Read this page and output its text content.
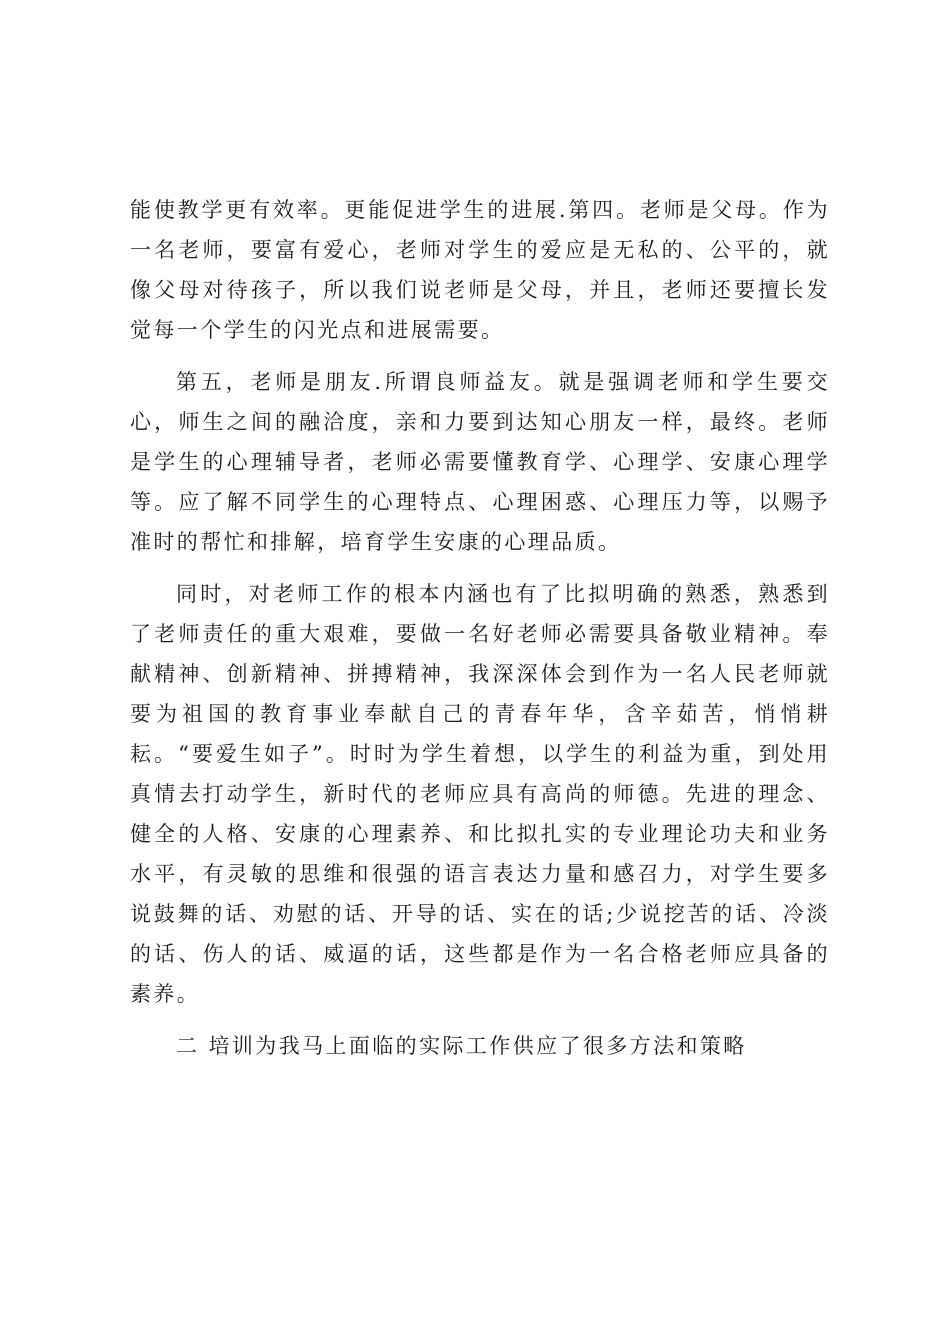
能使教学更有效率。更能促进学生的进展.第四。老师是父母。作为一名老师，要富有爱心，老师对学生的爱应是无私的、公平的，就像父母对待孩子，所以我们说老师是父母，并且，老师还要擅长发觉每一个学生的闪光点和进展需要。

第五，老师是朋友.所谓良师益友。就是强调老师和学生要交心，师生之间的融洽度，亲和力要到达知心朋友一样，最终。老师是学生的心理辅导者，老师必需要懂教育学、心理学、安康心理学等。应了解不同学生的心理特点、心理困惑、心理压力等，以赐予准时的帮忙和排解，培育学生安康的心理品质。

同时，对老师工作的根本内涵也有了比拟明确的熟悉，熟悉到了老师责任的重大艰难，要做一名好老师必需要具备敬业精神。奉献精神、创新精神、拼搏精神，我深深体会到作为一名人民老师就要为祖国的教育事业奉献自己的青春年华，含辛茹苦，悄悄耕耘。“要爱生如子”。时时为学生着想，以学生的利益为重，到处用真情去打动学生，新时代的老师应具有高尚的师德。先进的理念、健全的人格、安康的心理素养、和比拟扎实的专业理论功夫和业务水平，有灵敏的思维和很强的语言表达力量和感召力，对学生要多说鼓舞的话、劝慰的话、开导的话、实在的话;少说挖苦的话、冷淡的话、伤人的话、威逼的话，这些都是作为一名合格老师应具备的素养。

二 培训为我马上面临的实际工作供应了很多方法和策略
